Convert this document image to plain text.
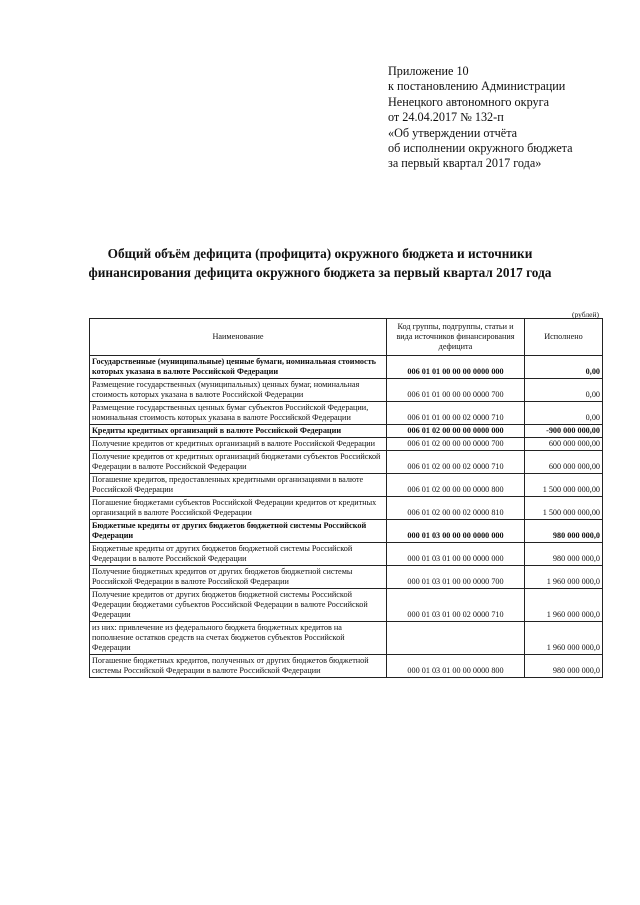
Приложение 10
к постановлению Администрации
Ненецкого автономного округа
от 24.04.2017 № 132-п
«Об утверждении отчёта
об исполнении окружного бюджета
за первый квартал 2017 года»
Общий объём дефицита (профицита) окружного бюджета и источники
финансирования дефицита окружного бюджета за первый квартал 2017 года
(рублей)
Наименование	Код группы, подгруппы, статьи и вида источников финансирования дефицита	Исполнено
Государственные (муниципальные) ценные бумаги, номинальная стоимость которых указана в валюте Российской Федерации	006 01 01 00 00 00 0000 000	0,00
Размещение государственных (муниципальных) ценных бумаг, номинальная стоимость которых указана в валюте Российской Федерации	006 01 01 00 00 00 0000 700	0,00
Размещение государственных ценных бумаг субъектов Российской Федерации, номинальная стоимость которых указана в валюте Российской Федерации	006 01 01 00 00 02 0000 710	0,00
Кредиты кредитных организаций в валюте Российской Федерации	006 01 02 00 00 00 0000 000	-900 000 000,00
Получение кредитов от кредитных организаций в валюте Российской Федерации	006 01 02 00 00 00 0000 700	600 000 000,00
Получение кредитов от кредитных организаций бюджетами субъектов Российской Федерации в валюте Российской Федерации	006 01 02 00 00 02 0000 710	600 000 000,00
Погашение кредитов, предоставленных кредитными организациями в валюте Российской Федерации	006 01 02 00 00 00 0000 800	1 500 000 000,00
Погашение бюджетами субъектов Российской Федерации кредитов от кредитных организаций в валюте Российской Федерации	006 01 02 00 00 02 0000 810	1 500 000 000,00
Бюджетные кредиты от других бюджетов бюджетной системы Российской Федерации	000 01 03 00 00 00 0000 000	980 000 000,0
Бюджетные кредиты от других бюджетов бюджетной системы Российской Федерации в валюте Российской Федерации	000 01 03 01 00 00 0000 000	980 000 000,0
Получение бюджетных кредитов от других бюджетов бюджетной системы Российской Федерации в валюте Российской Федерации	000 01 03 01 00 00 0000 700	1 960 000 000,0
Получение кредитов от других бюджетов бюджетной системы Российской Федерации бюджетами субъектов Российской Федерации в валюте Российской Федерации	000 01 03 01 00 02 0000 710	1 960 000 000,0
из них: привлечение из федерального бюджета бюджетных кредитов на пополнение остатков средств на счетах бюджетов субъектов Российской Федерации		1 960 000 000,0
Погашение бюджетных кредитов, полученных от других бюджетов бюджетной системы Российской Федерации в валюте Российской Федерации	000 01 03 01 00 00 0000 800	980 000 000,0
